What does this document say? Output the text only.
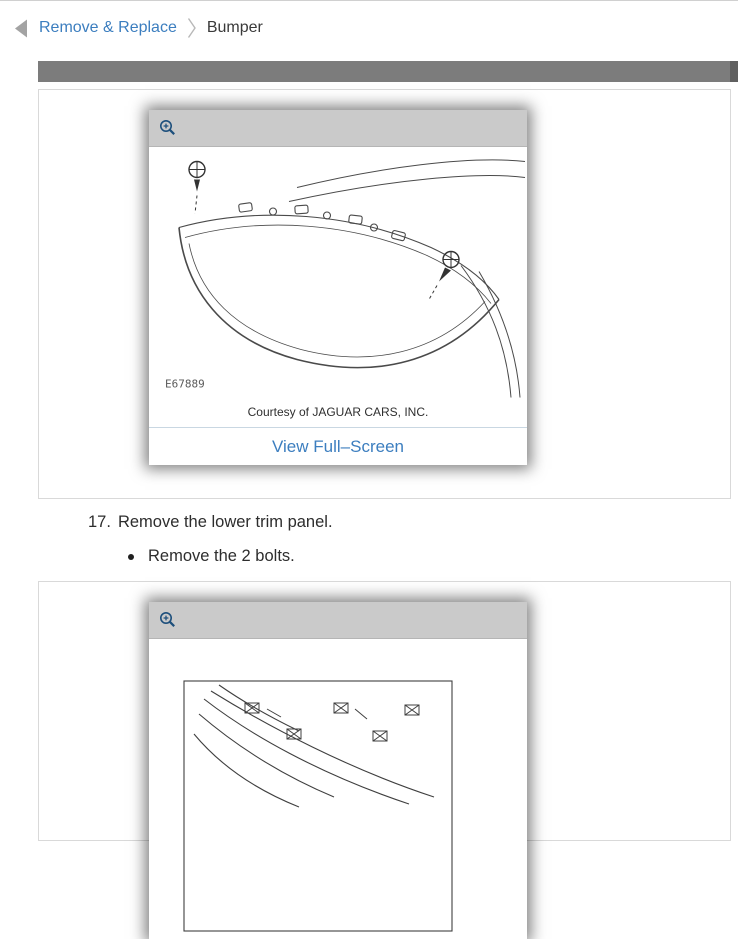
Remove & Replace Bumper
E67889
Courtesy of JAGUAR CARS, INC.
View Full–Screen
17. Remove the lower trim panel.
Remove the 2 bolts.
